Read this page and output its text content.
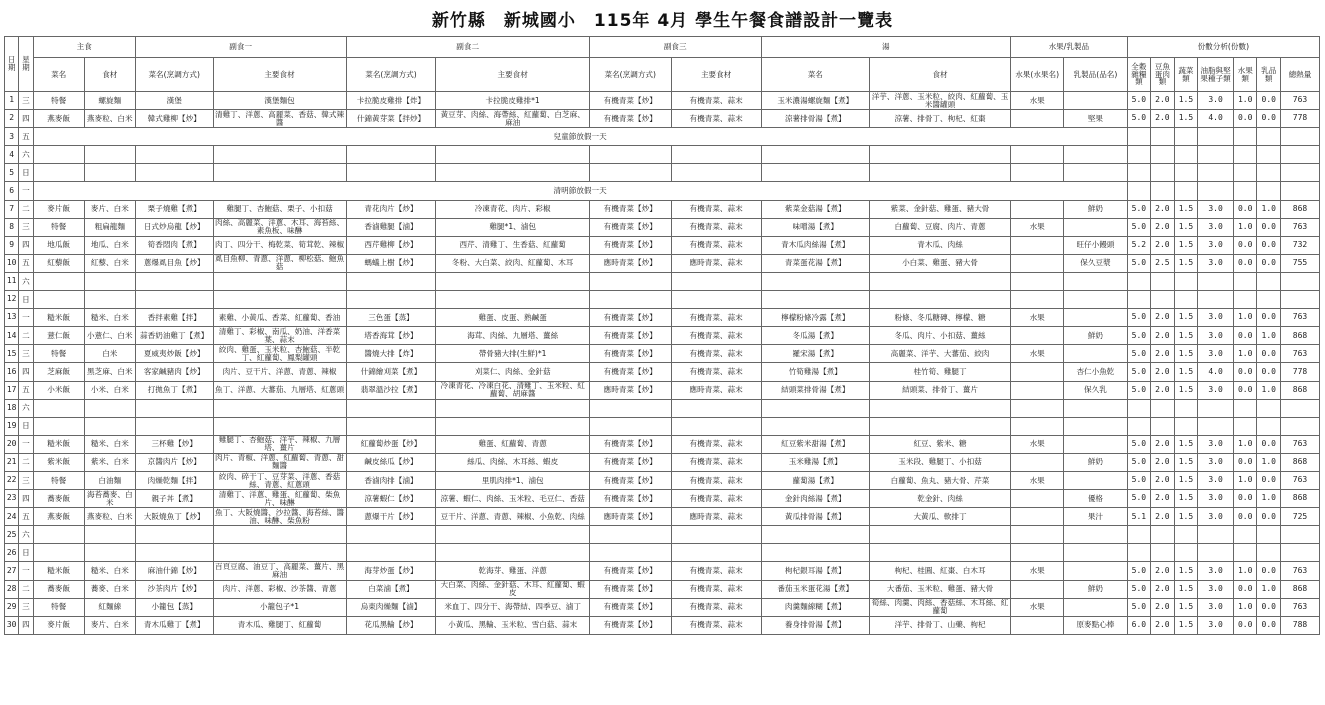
新竹縣　新城國小　115年 4月 學生午餐食譜設計一覽表
日期	星期	主食		副食一		副食二		副食三		湯		水果/乳製品		份數分析(份數)						
		菜名	食材	菜名(烹調方式)	主要食材	菜名(烹調方式)	主要食材	菜名(烹調方式)	主要食材	菜名	食材	水果(水果名)	乳製品(品名)	全穀雜糧類	豆魚蛋肉類	蔬菜類	油脂與堅果種子類	水果類	乳品類	總熱量
1	三	特餐	螺旋麵	漢堡	漢堡麵包	卡拉脆皮雞排【炸】	卡拉脆皮雞排*1	有機青菜【炒】	有機青菜、蒜末	玉米濃湯螺旋麵【煮】	洋芋、洋蔥、玉米粒、絞肉、紅蘿蔔、玉米醬罐頭	水果		5.0	2.0	1.5	3.0	1.0	0.0	763
2	四	燕麥飯	燕麥粒、白米	韓式雞柳【炒】	清雞丁、洋蔥、高麗菜、香菇、韓式辣醬	什錦黃芽菜【拌炒】	黃豆芽、肉絲、海帶絲、紅蘿蔔、白芝麻、麻油	有機青菜【炒】	有機青菜、蒜末	涼薯排骨湯【煮】	涼薯、排骨丁、枸杞、紅棗		堅果	5.0	2.0	1.5	4.0	0.0	0.0	778
3	五	兒童節放假一天																		
4	六																			
5	日																			
6	一	清明節放假一天																		
7	二	麥片飯	麥片、白米	栗子燒雞【煮】	雞腿丁、杏鮑菇、栗子、小扣菇	青花肉片【炒】	冷凍青花、肉片、彩椒	有機青菜【炒】	有機青菜、蒜末	紫菜金菇湯【煮】	紫菜、金針菇、雞蛋、豬大骨		鮮奶	5.0	2.0	1.5	3.0	0.0	1.0	868
8	三	特餐	粗扁龍麵	日式炒烏龍【炒】	肉絲、高麗菜、洋蔥、木耳、海苔絲、素魚板、味醂	香滷雞腿【滷】	雞腿*1、滷包	有機青菜【炒】	有機青菜、蒜末	味噌湯【煮】	白蘿蔔、豆腐、肉片、青蔥	水果		5.0	2.0	1.5	3.0	1.0	0.0	763
9	四	地瓜飯	地瓜、白米	筍香悶肉【煮】	肉丁、四分干、梅乾菜、筍茸乾、辣椒	西芹雞柳【炒】	西芹、清雞丁、生香菇、紅蘿蔔	有機青菜【炒】	有機青菜、蒜末	青木瓜肉絲湯【煮】	青木瓜、肉絲		旺仔小饅頭	5.2	2.0	1.5	3.0	0.0	0.0	732
10	五	紅藜飯	紅藜、白米	蔥爆虱目魚【炒】	虱目魚柳、青蔥、洋蔥、柳松菇、鮑魚菇	螞蟻上樹【炒】	冬粉、大白菜、絞肉、紅蘿蔔、木耳	應時青菜【炒】	應時青菜、蒜末	青菜蛋花湯【煮】	小白菜、雞蛋、豬大骨		保久豆漿	5.0	2.5	1.5	3.0	0.0	0.0	755
11	六																			
12	日																			
13	一	糙米飯	糙米、白米	香拌素雞【拌】	素雞、小黃瓜、香菜、紅蘿蔔、香油	三色蛋【蒸】	雞蛋、皮蛋、熟鹹蛋	有機青菜【炒】	有機青菜、蒜末	檸檬粉條冷露【煮】	粉條、冬瓜糖磚、檸檬、糖	水果		5.0	2.0	1.5	3.0	1.0	0.0	763
14	二	薏仁飯	小薏仁、白米	蒜香奶油雞丁【煮】	清雞丁、彩椒、南瓜、奶油、洋香菜葉、蒜末	塔香海茸【炒】	海茸、肉絲、九層塔、薑絲	有機青菜【炒】	有機青菜、蒜末	冬瓜湯【煮】	冬瓜、肉片、小扣菇、薑絲		鮮奶	5.0	2.0	1.5	3.0	0.0	1.0	868
15	三	特餐	白米	夏威夷炒飯【炒】	絞肉、雞蛋、玉米粒、杏鮑菇、半乾丁、紅蘿蔔、鳳梨罐頭	醬燒大排【炸】	帶骨豬大排(生鮮)*1	有機青菜【炒】	有機青菜、蒜末	羅宋湯【煮】	高麗菜、洋芋、大蕃茄、絞肉	水果		5.0	2.0	1.5	3.0	1.0	0.0	763
16	四	芝麻飯	黑芝麻、白米	客家鹹豬肉【炒】	肉片、豆干片、洋蔥、青蔥、辣椒	什錦繪刈菜【煮】	刈菜仁、肉絲、金針菇	有機青菜【炒】	有機青菜、蒜末	竹筍雞湯【煮】	桂竹筍、雞腿丁		杏仁小魚乾	5.0	2.0	1.5	4.0	0.0	0.0	778
17	五	小米飯	小米、白米	打拋魚丁【煮】	魚丁、洋蔥、大蕃茄、九層塔、紅蔥頭	翡翠溫沙拉【煮】	冷凍青花、冷凍白花、清雞丁、玉米粒、紅蘿蔔、胡麻醬	應時青菜【炒】	應時青菜、蒜末	結頭菜排骨湯【煮】	結頭菜、排骨丁、薑片		保久乳	5.0	2.0	1.5	3.0	0.0	1.0	868
18	六																			
19	日																			
20	一	糙米飯	糙米、白米	三杯雞【炒】	雞腿丁、杏鮑菇、洋芋、辣椒、九層塔、薑片	紅蘿蔔炒蛋【炒】	雞蛋、紅蘿蔔、青蔥	有機青菜【炒】	有機青菜、蒜末	紅豆紫米甜湯【煮】	紅豆、紫米、糖	水果		5.0	2.0	1.5	3.0	1.0	0.0	763
21	二	紫米飯	紫米、白米	京醬肉片【炒】	肉片、青椒、洋蔥、紅蘿蔔、青蔥、甜麵醬	鹹皮絲瓜【炒】	絲瓜、肉絲、木耳絲、蝦皮	有機青菜【炒】	有機青菜、蒜末	玉米雞湯【煮】	玉米段、雞腿丁、小扣菇		鮮奶	5.0	2.0	1.5	3.0	0.0	1.0	868
22	三	特餐	白油麵	肉燥乾麵【拌】	絞肉、碎干丁、豆芽菜、洋蔥、香菇絲、青蔥、紅蔥頭	香滷肉排【滷】	里肌肉排*1、滷包	有機青菜【炒】	有機青菜、蒜末	蘿蔔湯【煮】	白蘿蔔、魚丸、豬大骨、芹菜	水果		5.0	2.0	1.5	3.0	1.0	0.0	763
23	四	蕎麥飯	海苔蕎麥、白米	親子丼【煮】	清雞丁、洋蔥、雞蛋、紅蘿蔔、柴魚片、味醂	涼薯蝦仁【炒】	涼薯、蝦仁、肉絲、玉米粒、毛豆仁、香菇	有機青菜【炒】	有機青菜、蒜末	金針肉絲湯【煮】	乾金針、肉絲		優格	5.0	2.0	1.5	3.0	0.0	1.0	868
24	五	燕麥飯	燕麥粒、白米	大阪燒魚丁【炒】	魚丁、大阪燒醬、沙拉醬、海苔絲、醬油、味醂、柴魚粉	蔥爆干片【炒】	豆干片、洋蔥、青蔥、辣椒、小魚乾、肉絲	應時青菜【炒】	應時青菜、蒜末	黃瓜排骨湯【煮】	大黃瓜、軟排丁		果汁	5.1	2.0	1.5	3.0	0.0	0.0	725
25	六																			
26	日																			
27	一	糙米飯	糙米、白米	麻油什錦【炒】	百頁豆腐、油豆丁、高麗菜、薑片、黑麻油	海芽炒蛋【炒】	乾海芽、雞蛋、洋蔥	有機青菜【炒】	有機青菜、蒜末	枸杞銀耳湯【煮】	枸杞、桂圓、紅棗、白木耳	水果		5.0	2.0	1.5	3.0	1.0	0.0	763
28	二	蕎麥飯	蕎麥、白米	沙茶肉片【炒】	肉片、洋蔥、彩椒、沙茶醬、青蔥	白菜滷【煮】	大白菜、肉絲、金針菇、木耳、紅蘿蔔、蝦皮	有機青菜【炒】	有機青菜、蒜末	番茄玉米蛋花湯【煮】	大番茄、玉米粒、雞蛋、豬大骨		鮮奶	5.0	2.0	1.5	3.0	0.0	1.0	868
29	三	特餐	紅麵線	小籠包【蒸】	小籠包子*1	烏東肉燥麵【滷】	米血丁、四分干、海帶結、四季豆、滷丁	有機青菜【炒】	有機青菜、蒜末	肉羹麵線糊【煮】	筍絲、肉羹、肉絲、香菇絲、木耳絲、紅蘿蔔	水果		5.0	2.0	1.5	3.0	1.0	0.0	763
30	四	麥片飯	麥片、白米	青木瓜雞丁【煮】	青木瓜、雞腿丁、紅蘿蔔	花瓜黑輪【炒】	小黃瓜、黑輪、玉米粒、雪白菇、蒜末	有機青菜【炒】	有機青菜、蒜末	養身排骨湯【煮】	洋芋、排骨丁、山藥、枸杞		原麥點心棒	6.0	2.0	1.5	3.0	0.0	0.0	788
